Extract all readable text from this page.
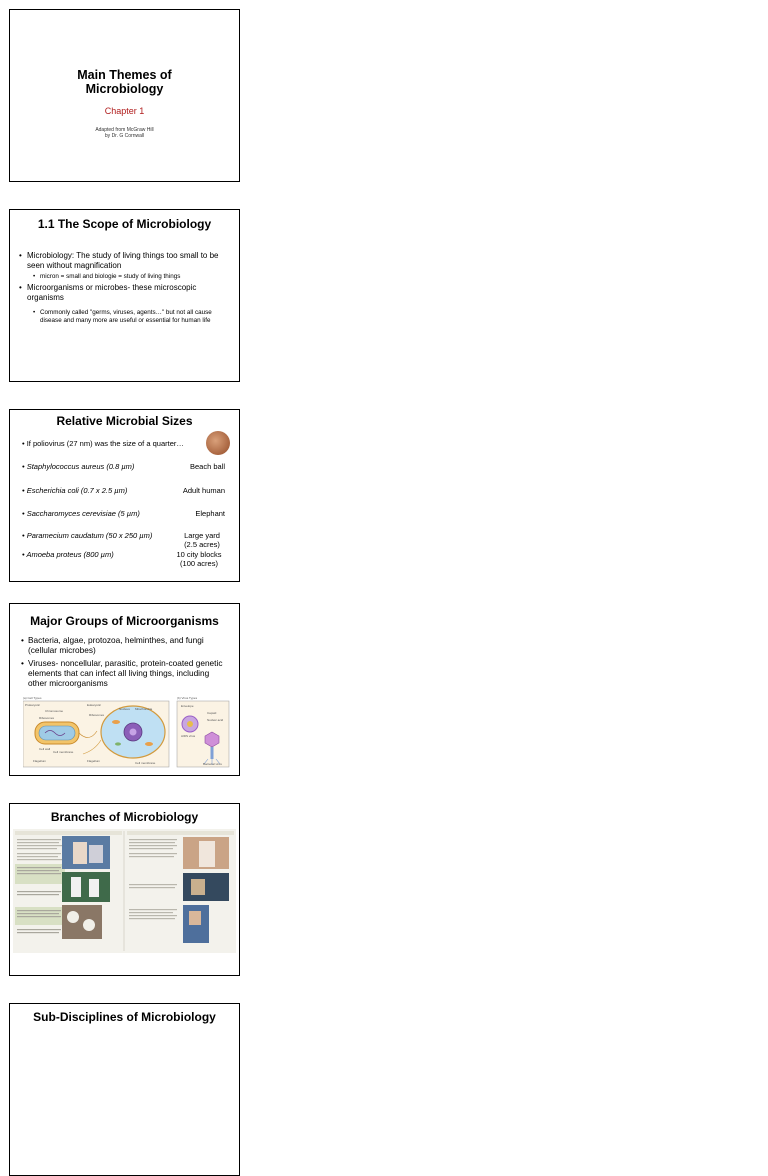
Main Themes of
Microbiology
Chapter 1
Adapted from McGraw Hill
by Dr. G Cornwall
1.1 The Scope of Microbiology
• Microbiology: The study of living things too small to be seen without magnification
• micron = small and biologie = study of living things
• Microorganisms or microbes- these microscopic organisms
• Commonly called "germs, viruses, agents…" but not all cause disease and many more are useful or essential for human life
Relative Microbial Sizes
• If poliovirus (27 nm) was the size of a quarter…
• Staphylococcus aureus (0.8 µm)	Beach ball
• Escherichia coli (0.7 x 2.5 µm)	Adult human
• Saccharomyces cerevisiae (5 µm)	Elephant
• Paramecium caudatum (50 x 250 µm)	Large yard (2.5 acres)
• Amoeba proteus (800 µm)	10 city blocks (100 acres)
Major Groups of Microorganisms
• Bacteria, algae, protozoa, helminthes, and fungi (cellular microbes)
• Viruses- noncellular, parasitic, protein-coated genetic elements that can infect all living things, including other microorganisms
(a) Cell Types	(b) Virus Types
Prokaryotic	Eukaryotic
Chromosome
Ribosomes
Ribosomes
Nucleus Mitochondria
Cell wall
Cell membrane
Flagellum	Flagellum	Cell membrane
Envelope
Capsid
Nucleic acid
AIDS virus
Bacterial virus
Branches of Microbiology
Sub-Disciplines of Microbiology
